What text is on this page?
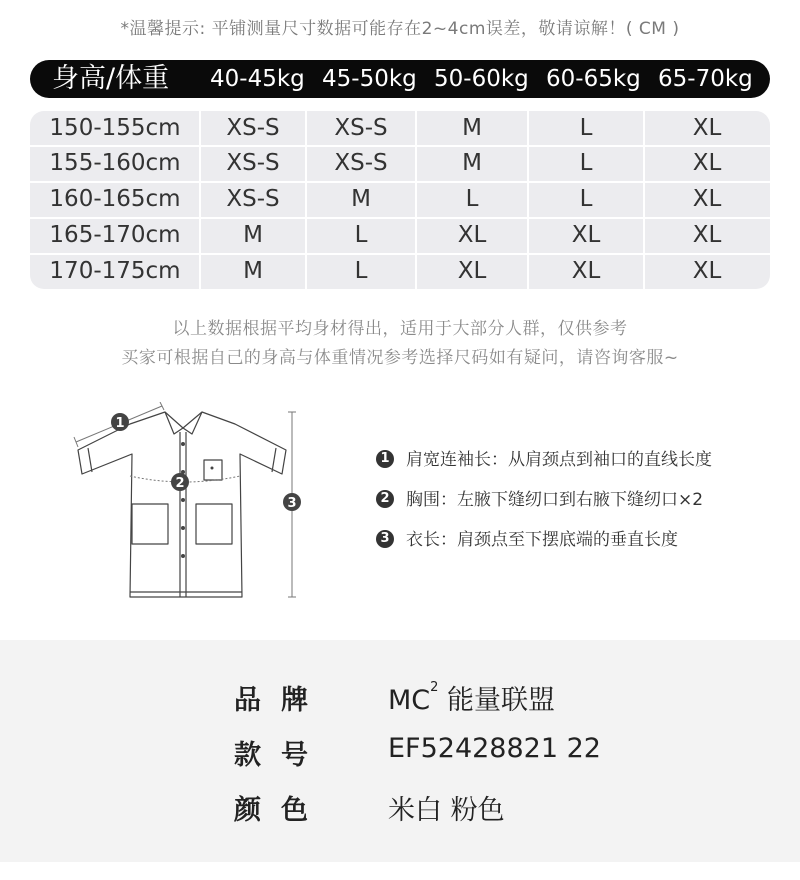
*温馨提示: 平铺测量尺寸数据可能存在2~4cm误差，敬请谅解！( CM )
身高/体重 40-45kg 45-50kg 50-60kg 60-65kg 65-70kg
150-155cm	XS-S	XS-S	M	L	XL
155-160cm	XS-S	XS-S	M	L	XL
160-165cm	XS-S	M	L	L	XL
165-170cm	M	L	XL	XL	XL
170-175cm	M	L	XL	XL	XL
以上数据根据平均身材得出，适用于大部分人群，仅供参考
买家可根据自己的身高与体重情况参考选择尺码如有疑问，请咨询客服~
1
2
3
1 肩宽连袖长：从肩颈点到袖口的直线长度
2 胸围：左腋下缝纫口到右腋下缝纫口×2
3 衣长：肩颈点至下摆底端的垂直长度
品牌 $MC^2$ 能量联盟
款号 EF52428821 22
颜色 米白 粉色
